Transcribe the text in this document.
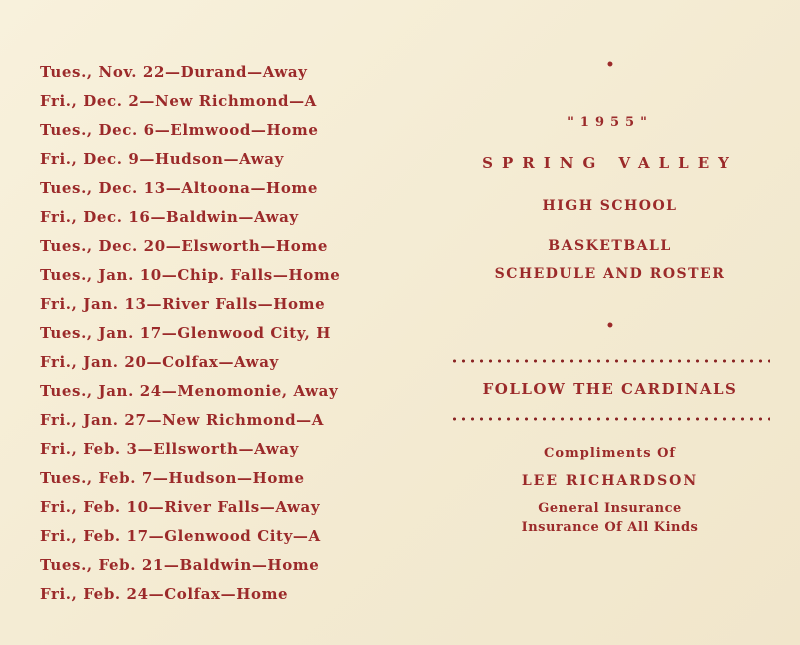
Tues., Nov. 22—Durand—Away
Fri., Dec. 2—New Richmond—A
Tues., Dec. 6—Elmwood—Home
Fri., Dec. 9—Hudson—Away
Tues., Dec. 13—Altoona—Home
Fri., Dec. 16—Baldwin—Away
Tues., Dec. 20—Elsworth—Home
Tues., Jan. 10—Chip. Falls—Home
Fri., Jan. 13—River Falls—Home
Tues., Jan. 17—Glenwood City, H
Fri., Jan. 20—Colfax—Away
Tues., Jan. 24—Menomonie, Away
Fri., Jan. 27—New Richmond—A
Fri., Feb. 3—Ellsworth—Away
Tues., Feb. 7—Hudson—Home
Fri., Feb. 10—River Falls—Away
Fri., Feb. 17—Glenwood City—A
Tues., Feb. 21—Baldwin—Home
Fri., Feb. 24—Colfax—Home
•
"1955"
SPRING VALLEY
HIGH SCHOOL
BASKETBALL
SCHEDULE AND ROSTER
•
FOLLOW THE CARDINALS
Compliments Of
LEE RICHARDSON
General Insurance
Insurance Of All Kinds
